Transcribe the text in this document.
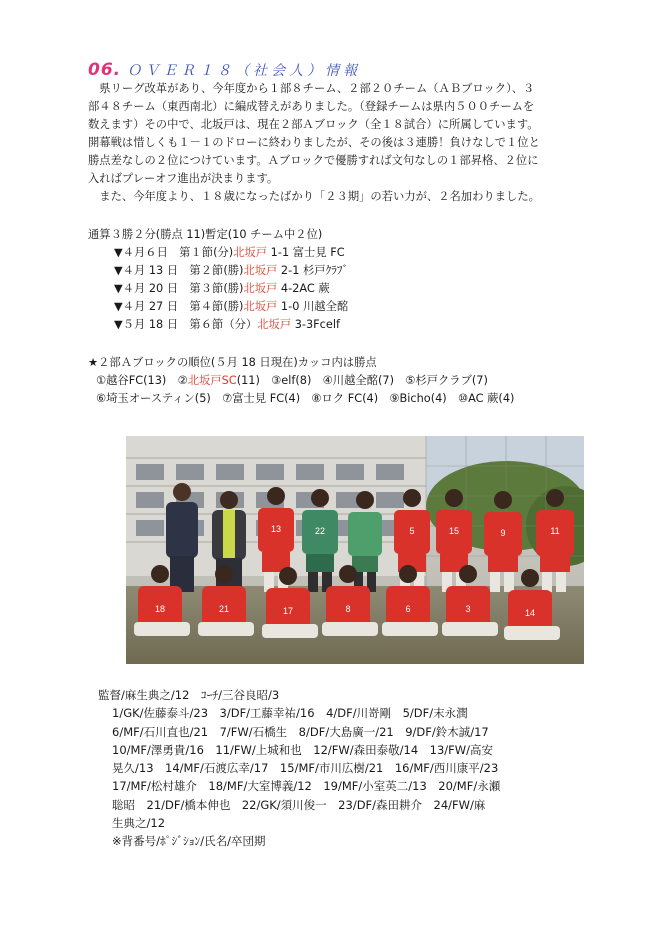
06. ＯＶＥＲ１８（社会人）情報

県リーグ改革があり、今年度から１部８チーム、２部２０チーム（ＡＢブロック）、３

部４８チーム（東西南北）に編成替えがありました。（登録チームは県内５００チームを

数えます）その中で、北坂戸は、現在２部Ａブロック（全１８試合）に所属しています。

開幕戦は惜しくも１－１のドローに終わりましたが、その後は３連勝！負けなしで１位と

勝点差なしの２位につけています。Ａブロックで優勝すれば文句なしの１部昇格、２位に

入ればプレーオフ進出が決まります。

また、今年度より、１８歳になったばかり「２３期」の若い力が、２名加わりました。

通算３勝２分(勝点 11)暫定(10 チーム中２位)

▼４月６日　第１節(分)北坂戸 1-1 富士見 FC

▼４月 13 日　第２節(勝)北坂戸 2-1 杉戸ｸﾗﾌﾞ

▼４月 20 日　第３節(勝)北坂戸 4-2AC 蕨

▼４月 27 日　第４節(勝)北坂戸 1-0 川越全酩

▼５月 18 日　第６節（分）北坂戸 3-3Fcelf

★２部Ａブロックの順位(５月 18 日現在)カッコ内は勝点

①越谷FC(13)　②北坂戸SC(11)　③elf(8)　④川越全酩(7)　⑤杉戸クラブ(7)

⑥埼玉オースティン(5)　⑦富士見 FC(4)　⑧ロク FC(4)　⑨Bicho(4)　⑩AC 蕨(4)

13	22	5	15	9	11
18	21	17	8	6	3	14

監督/麻生典之/12　ｺｰﾁ/三谷良昭/3

1/GK/佐藤泰斗/23　3/DF/工藤幸祐/16　4/DF/川嵜剛　5/DF/末永潤

6/MF/石川直也/21　7/FW/石橋生　8/DF/大島廣一/21　9/DF/鈴木誠/17

10/MF/澤勇貴/16　11/FW/上城和也　12/FW/森田泰敬/14　13/FW/高安

晃久/13　14/MF/石渡広幸/17　15/MF/市川広樹/21　16/MF/西川康平/23

17/MF/松村雄介　18/MF/大室博義/12　19/MF/小室英二/13　20/MF/永瀬

聡昭　21/DF/橋本伸也　22/GK/須川俊一　23/DF/森田耕介　24/FW/麻

生典之/12

※背番号/ﾎﾟｼﾞｼｮﾝ/氏名/卒団期
